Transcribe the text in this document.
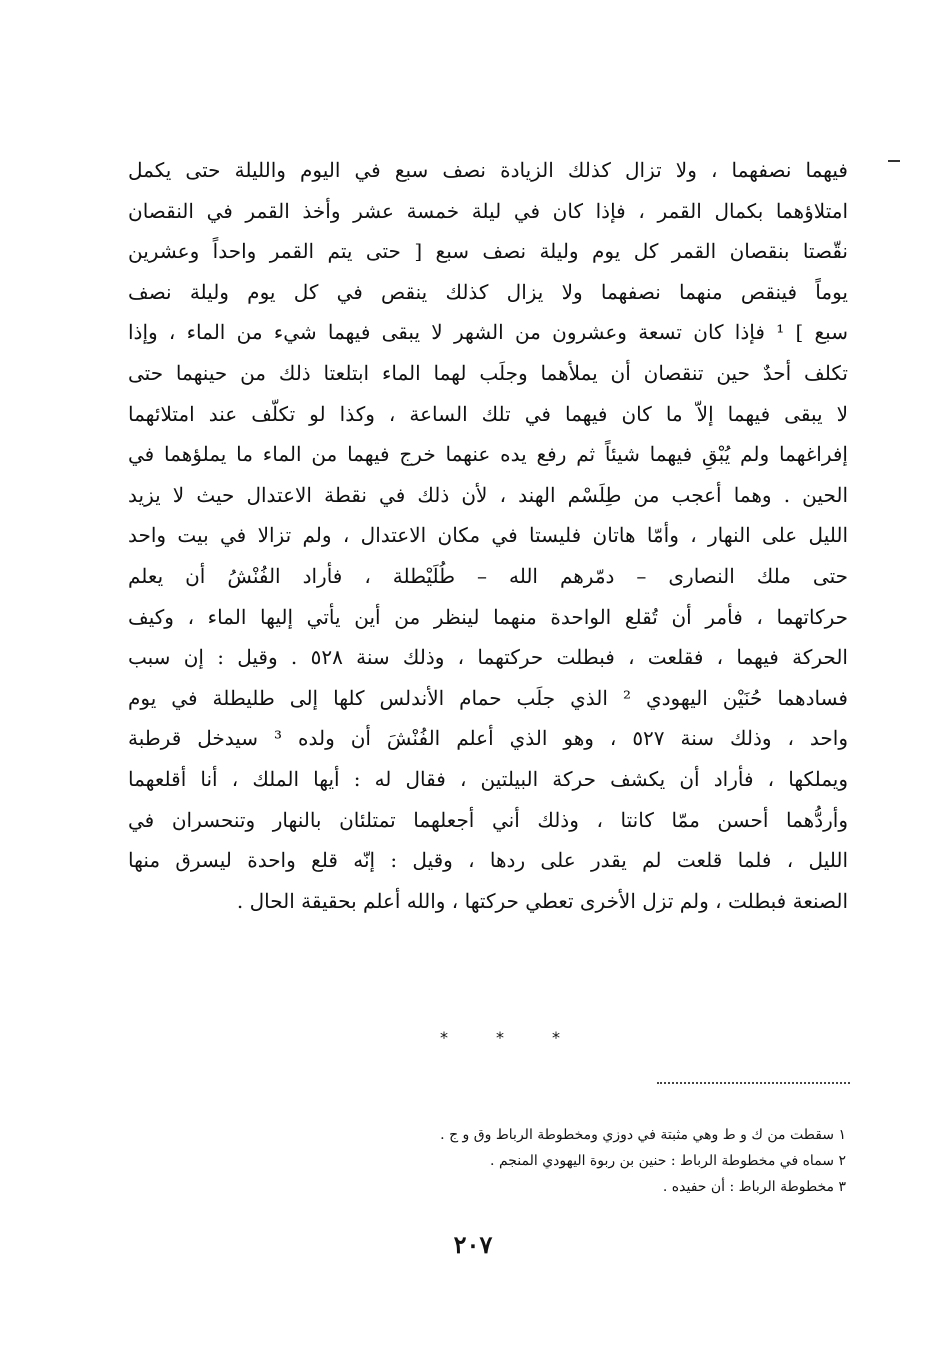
فيهما نصفهما ، ولا تزال كذلك الزيادة نصف سبع في اليوم والليلة حتى يكمل
امتلاؤهما بكمال القمر ، فإذا كان في ليلة خمسة عشر وأخذ القمر في النقصان
نقّصتا بنقصان القمر كل يوم وليلة نصف سبع [ حتى يتم القمر واحداً وعشرين
يوماً فينقص منهما نصفهما ولا يزال كذلك ينقص في كل يوم وليلة نصف
سبع ] ¹ فإذا كان تسعة وعشرون من الشهر لا يبقى فيهما شيء من الماء ، وإذا
تكلف أحدٌ حين تنقصان أن يملأهما وجلَب لهما الماء ابتلعتا ذلك من حينهما حتى
لا يبقى فيهما إلاّ ما كان فيهما في تلك الساعة ، وكذا لو تكلّف عند امتلائهما
إفراغهما ولم يُبْقِ فيهما شيئاً ثم رفع يده عنهما خرج فيهما من الماء ما يملؤهما في
الحين . وهما أعجب من طِلَسْم الهند ، لأن ذلك في نقطة الاعتدال حيث لا يزيد
الليل على النهار ، وأمّا هاتان فليستا في مكان الاعتدال ، ولم تزالا في بيت واحد
حتى ملك النصارى – دمّرهم الله – طُلَيْطلة ، فأراد الفُنْشُ أن يعلم
حركاتهما ، فأمر أن تُقلع الواحدة منهما لينظر من أين يأتي إليها الماء ، وكيف
الحركة فيهما ، فقلعت ، فبطلت حركتهما ، وذلك سنة ٥٢٨ . وقيل : إن سبب
فسادهما حُنَيْن اليهودي ² الذي جلَب حمام الأندلس كلها إلى طليطلة في يوم
واحد ، وذلك سنة ٥٢٧ ، وهو الذي أعلم الفُنْشَ أن ولده ³ سيدخل قرطبة
ويملكها ، فأراد أن يكشف حركة البيلتين ، فقال له : أيها الملك ، أنا أقلعهما
وأردُّهما أحسن ممّا كانتا ، وذلك أني أجعلهما تمتلئان بالنهار وتنحسران في
الليل ، فلما قلعت لم يقدر على ردها ، وقيل : إنّه قلع واحدة ليسرق منها
الصنعة فبطلت ، ولم تزل الأخرى تعطي حركتها ، والله أعلم بحقيقة الحال .
*	*	*
١ سقطت من ك و ط وهي مثبتة في دوزي ومخطوطة الرباط وق و ج .
٢ سماه في مخطوطة الرباط : حنين بن ربوة اليهودي المنجم .
٣ مخطوطة الرباط : أن حفيده .
٢٠٧
